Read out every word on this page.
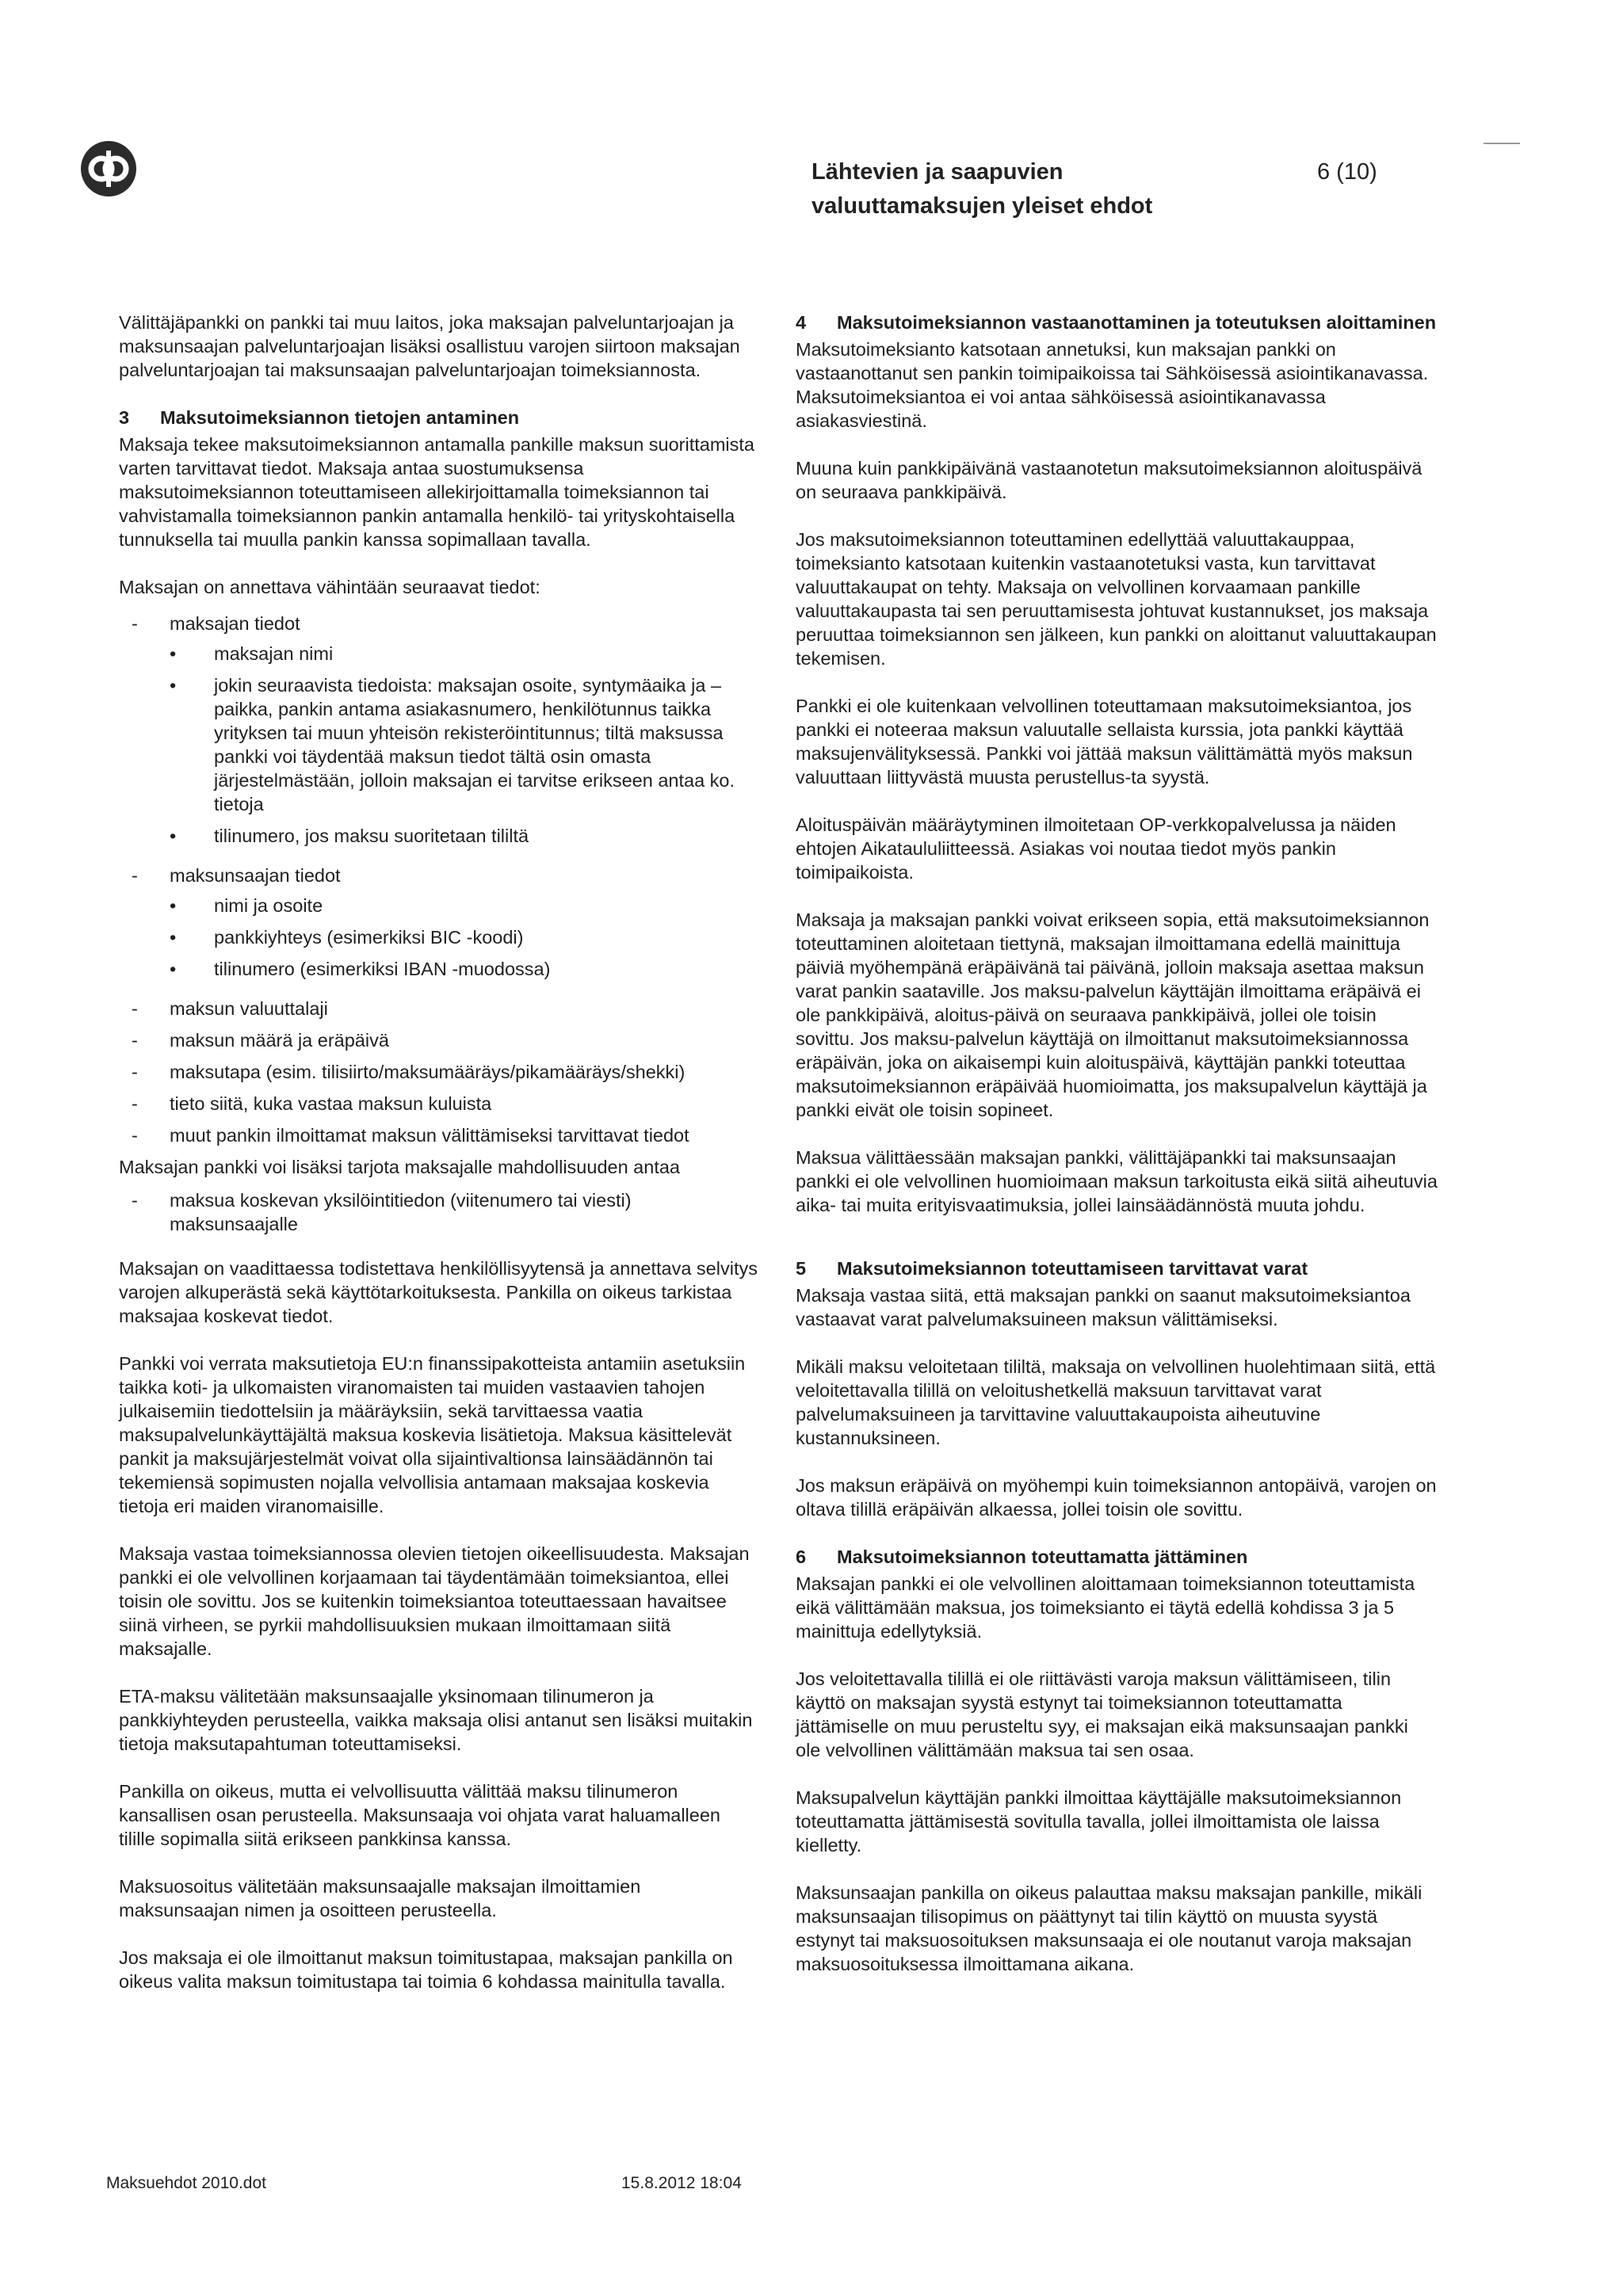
Lähtevien ja saapuvien
valuuttamaksujen yleiset ehdot
6 (10)

Välittäjäpankki on pankki tai muu laitos, joka maksajan palveluntarjoajan ja maksunsaajan palveluntarjoajan lisäksi osallistuu varojen siirtoon maksajan palveluntarjoajan tai maksunsaajan palveluntarjoajan toimeksiannosta.

3	Maksutoimeksiannon tietojen antaminen

Maksaja tekee maksutoimeksiannon antamalla pankille maksun suorittamista varten tarvittavat tiedot. Maksaja antaa suostumuksensa maksutoimeksiannon toteuttamiseen allekirjoittamalla toimeksiannon tai vahvistamalla toimeksiannon pankin antamalla henkilö- tai yrityskohtaisella tunnuksella tai muulla pankin kanssa sopimallaan tavalla.

Maksajan on annettava vähintään seuraavat tiedot:

-	maksajan tiedot
•	maksajan nimi
•	jokin seuraavista tiedoista: maksajan osoite, syntymäaika ja –paikka, pankin antama asiakasnumero, henkilötunnus taikka yrityksen tai muun yhteisön rekisteröintitunnus; tiltä maksussa pankki voi täydentää maksun tiedot tältä osin omasta järjestelmästään, jolloin maksajan ei tarvitse erikseen antaa ko. tietoja
•	tilinumero, jos maksu suoritetaan tililtä
-	maksunsaajan tiedot
•	nimi ja osoite
•	pankkiyhteys (esimerkiksi BIC -koodi)
•	tilinumero (esimerkiksi IBAN -muodossa)
-	maksun valuuttalaji
-	maksun määrä ja eräpäivä
-	maksutapa (esim. tilisiirto/maksumääräys/pikamääräys/shekki)
-	tieto siitä, kuka vastaa maksun kuluista
-	muut pankin ilmoittamat maksun välittämiseksi tarvittavat tiedot

Maksajan pankki voi lisäksi tarjota maksajalle mahdollisuuden antaa

-	maksua koskevan yksilöintitiedon (viitenumero tai viesti) maksunsaajalle

Maksajan on vaadittaessa todistettava henkilöllisyytensä ja annettava selvitys varojen alkuperästä sekä käyttötarkoituksesta. Pankilla on oikeus tarkistaa maksajaa koskevat tiedot.

Pankki voi verrata maksutietoja EU:n finanssipakotteista antamiin asetuksiin taikka koti- ja ulkomaisten viranomaisten tai muiden vastaavien tahojen julkaisemiin tiedottelsiin ja määräyksiin, sekä tarvittaessa vaatia maksupalvelunkäyttäjältä maksua koskevia lisätietoja. Maksua käsittelevät pankit ja maksujärjestelmät voivat olla sijaintivaltionsa lainsäädännön tai tekemiensä sopimusten nojalla velvollisia antamaan maksajaa koskevia tietoja eri maiden viranomaisille.

Maksaja vastaa toimeksiannossa olevien tietojen oikeellisuudesta. Maksajan pankki ei ole velvollinen korjaamaan tai täydentämään toimeksiantoa, ellei toisin ole sovittu. Jos se kuitenkin toimeksiantoa toteuttaessaan havaitsee siinä virheen, se pyrkii mahdollisuuksien mukaan ilmoittamaan siitä maksajalle.

ETA-maksu välitetään maksunsaajalle yksinomaan tilinumeron ja pankkiyhteyden perusteella, vaikka maksaja olisi antanut sen lisäksi muitakin tietoja maksutapahtuman toteuttamiseksi.

Pankilla on oikeus, mutta ei velvollisuutta välittää maksu tilinumeron kansallisen osan perusteella. Maksunsaaja voi ohjata varat haluamalleen tilille sopimalla siitä erikseen pankkinsa kanssa.

Maksuosoitus välitetään maksunsaajalle maksajan ilmoittamien maksunsaajan nimen ja osoitteen perusteella.

Jos maksaja ei ole ilmoittanut maksun toimitustapaa, maksajan pankilla on oikeus valita maksun toimitustapa tai toimia 6 kohdassa mainitulla tavalla.

4	Maksutoimeksiannon vastaanottaminen ja toteutuksen aloittaminen

Maksutoimeksianto katsotaan annetuksi, kun maksajan pankki on vastaanottanut sen pankin toimipaikoissa tai Sähköisessä asiointikanavassa. Maksutoimeksiantoa ei voi antaa sähköisessä asiointikanavassa asiakasviestinä.

Muuna kuin pankkipäivänä vastaanotetun maksutoimeksiannon aloituspäivä on seuraava pankkipäivä.

Jos maksutoimeksiannon toteuttaminen edellyttää valuuttakauppaa, toimeksianto katsotaan kuitenkin vastaanotetuksi vasta, kun tarvittavat valuuttakaupat on tehty. Maksaja on velvollinen korvaamaan pankille valuuttakaupasta tai sen peruuttamisesta johtuvat kustannukset, jos maksaja peruuttaa toimeksiannon sen jälkeen, kun pankki on aloittanut valuuttakaupan tekemisen.

Pankki ei ole kuitenkaan velvollinen toteuttamaan maksutoimeksiantoa, jos pankki ei noteeraa maksun valuutalle sellaista kurssia, jota pankki käyttää maksujenvälityksessä. Pankki voi jättää maksun välittämättä myös maksun valuuttaan liittyvästä muusta perustellus-ta syystä.

Aloituspäivän määräytyminen ilmoitetaan OP-verkkopalvelussa ja näiden ehtojen Aikataululiitteessä. Asiakas voi noutaa tiedot myös pankin toimipaikoista.

Maksaja ja maksajan pankki voivat erikseen sopia, että maksutoimeksiannon toteuttaminen aloitetaan tiettynä, maksajan ilmoittamana edellä mainittuja päiviä myöhempänä eräpäivänä tai päivänä, jolloin maksaja asettaa maksun varat pankin saataville. Jos maksu-palvelun käyttäjän ilmoittama eräpäivä ei ole pankkipäivä, aloitus-päivä on seuraava pankkipäivä, jollei ole toisin sovittu. Jos maksu-palvelun käyttäjä on ilmoittanut maksutoimeksiannossa eräpäivän, joka on aikaisempi kuin aloituspäivä, käyttäjän pankki toteuttaa maksutoimeksiannon eräpäivää huomioimatta, jos maksupalvelun käyttäjä ja pankki eivät ole toisin sopineet.

Maksua välittäessään maksajan pankki, välittäjäpankki tai maksunsaajan pankki ei ole velvollinen huomioimaan maksun tarkoitusta eikä siitä aiheutuvia aika- tai muita erityisvaatimuksia, jollei lainsäädännöstä muuta johdu.

5	Maksutoimeksiannon toteuttamiseen tarvittavat varat

Maksaja vastaa siitä, että maksajan pankki on saanut maksutoimeksiantoa vastaavat varat palvelumaksuineen maksun välittämiseksi.

Mikäli maksu veloitetaan tililtä, maksaja on velvollinen huolehtimaan siitä, että veloitettavalla tilillä on veloitushetkellä maksuun tarvittavat varat palvelumaksuineen ja tarvittavine valuuttakaupoista aiheutuvine kustannuksineen.

Jos maksun eräpäivä on myöhempi kuin toimeksiannon antopäivä, varojen on oltava tilillä eräpäivän alkaessa, jollei toisin ole sovittu.

6	Maksutoimeksiannon toteuttamatta jättäminen

Maksajan pankki ei ole velvollinen aloittamaan toimeksiannon toteuttamista eikä välittämään maksua, jos toimeksianto ei täytä edellä kohdissa 3 ja 5 mainittuja edellytyksiä.

Jos veloitettavalla tilillä ei ole riittävästi varoja maksun välittämiseen, tilin käyttö on maksajan syystä estynyt tai toimeksiannon toteuttamatta jättämiselle on muu perusteltu syy, ei maksajan eikä maksunsaajan pankki ole velvollinen välittämään maksua tai sen osaa.

Maksupalvelun käyttäjän pankki ilmoittaa käyttäjälle maksutoimeksiannon toteuttamatta jättämisestä sovitulla tavalla, jollei ilmoittamista ole laissa kielletty.

Maksunsaajan pankilla on oikeus palauttaa maksu maksajan pankille, mikäli maksunsaajan tilisopimus on päättynyt tai tilin käyttö on muusta syystä estynyt tai maksuosoituksen maksunsaaja ei ole noutanut varoja maksajan maksuosoituksessa ilmoittamana aikana.

Maksuehdot 2010.dot	15.8.2012 18:04
